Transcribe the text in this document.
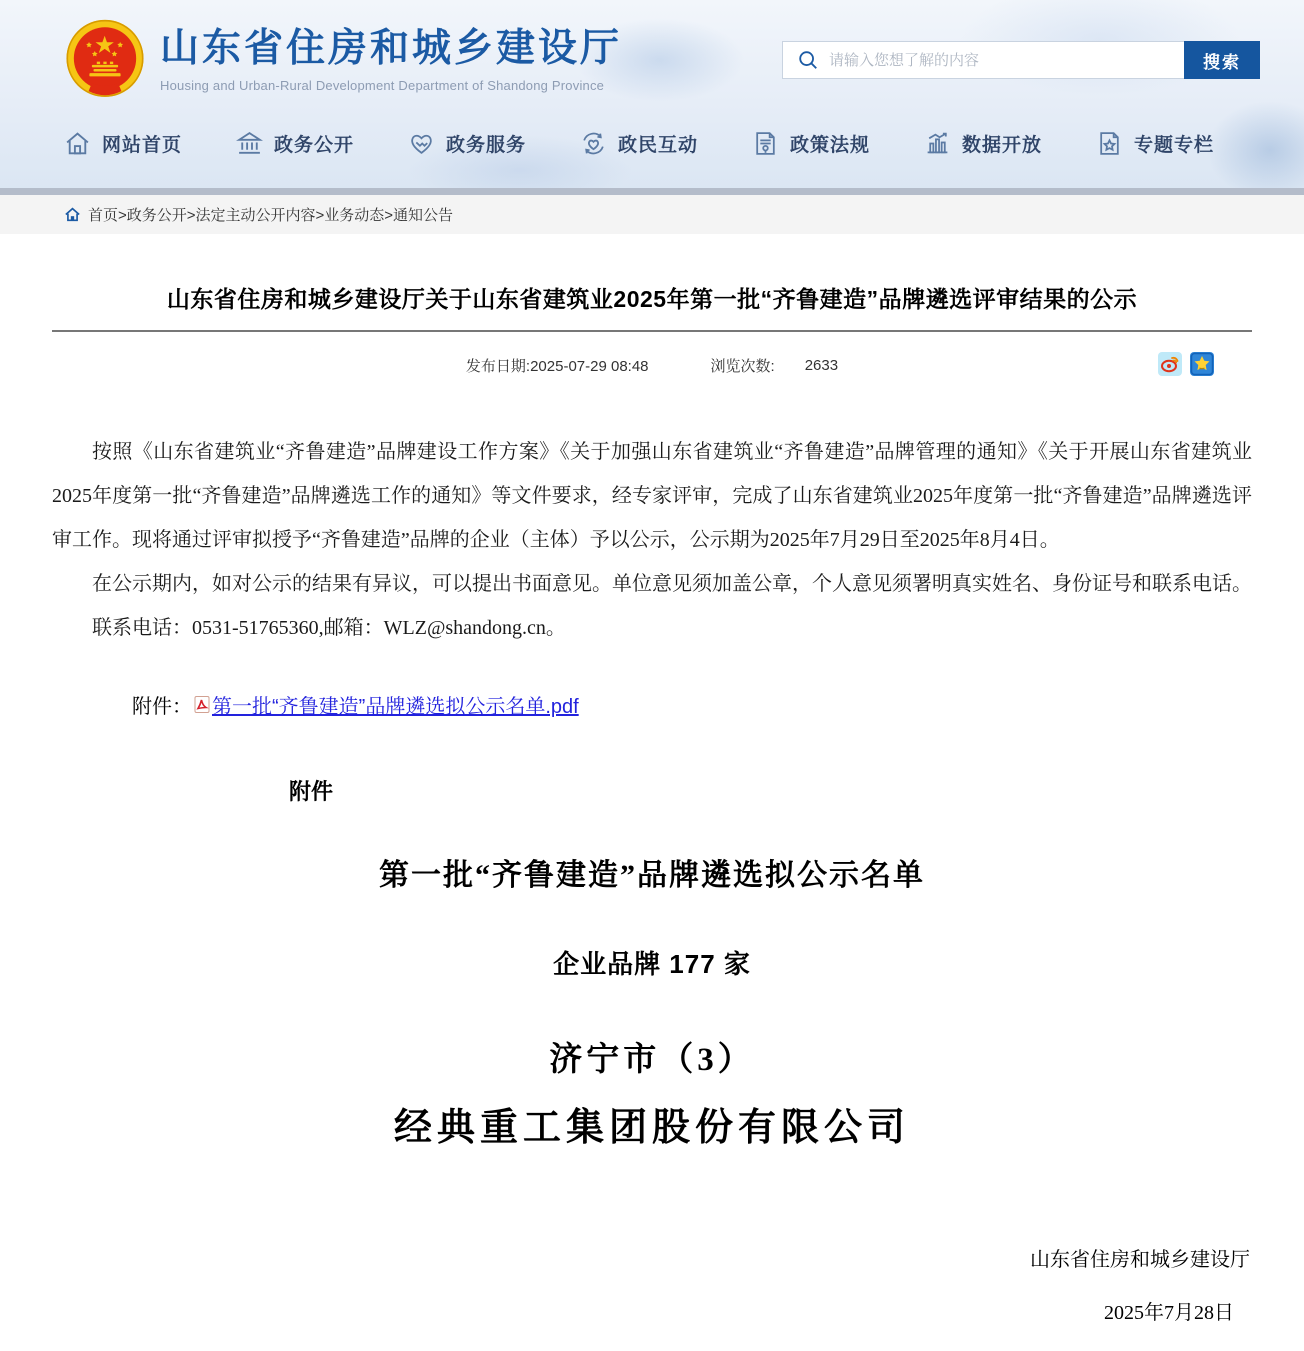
山东省住房和城乡建设厅
Housing and Urban-Rural Development Department of Shandong Province
请输入您想了解的内容
搜索
网站首页	政务公开	政务服务	政民互动	政策法规	数据开放	专题专栏
首页>政务公开>法定主动公开内容>业务动态>通知公告
山东省住房和城乡建设厅关于山东省建筑业2025年第一批“齐鲁建造”品牌遴选评审结果的公示
发布日期:2025-07-29 08:48	浏览次数: 2633

按照《山东省建筑业“齐鲁建造”品牌建设工作方案》《关于加强山东省建筑业“齐鲁建造”品牌管理的通知》《关于开展山东省建筑业2025年度第一批“齐鲁建造”品牌遴选工作的通知》等文件要求，经专家评审，完成了山东省建筑业2025年度第一批“齐鲁建造”品牌遴选评审工作。现将通过评审拟授予“齐鲁建造”品牌的企业（主体）予以公示，公示期为2025年7月29日至2025年8月4日。

在公示期内，如对公示的结果有异议，可以提出书面意见。单位意见须加盖公章，个人意见须署明真实姓名、身份证号和联系电话。

联系电话：0531-51765360,邮箱：WLZ@shandong.cn。

附件： 第一批“齐鲁建造”品牌遴选拟公示名单.pdf
附件
第一批“齐鲁建造”品牌遴选拟公示名单
企业品牌 177 家
济宁市（3）
经典重工集团股份有限公司
山东省住房和城乡建设厅
2025年7月28日
